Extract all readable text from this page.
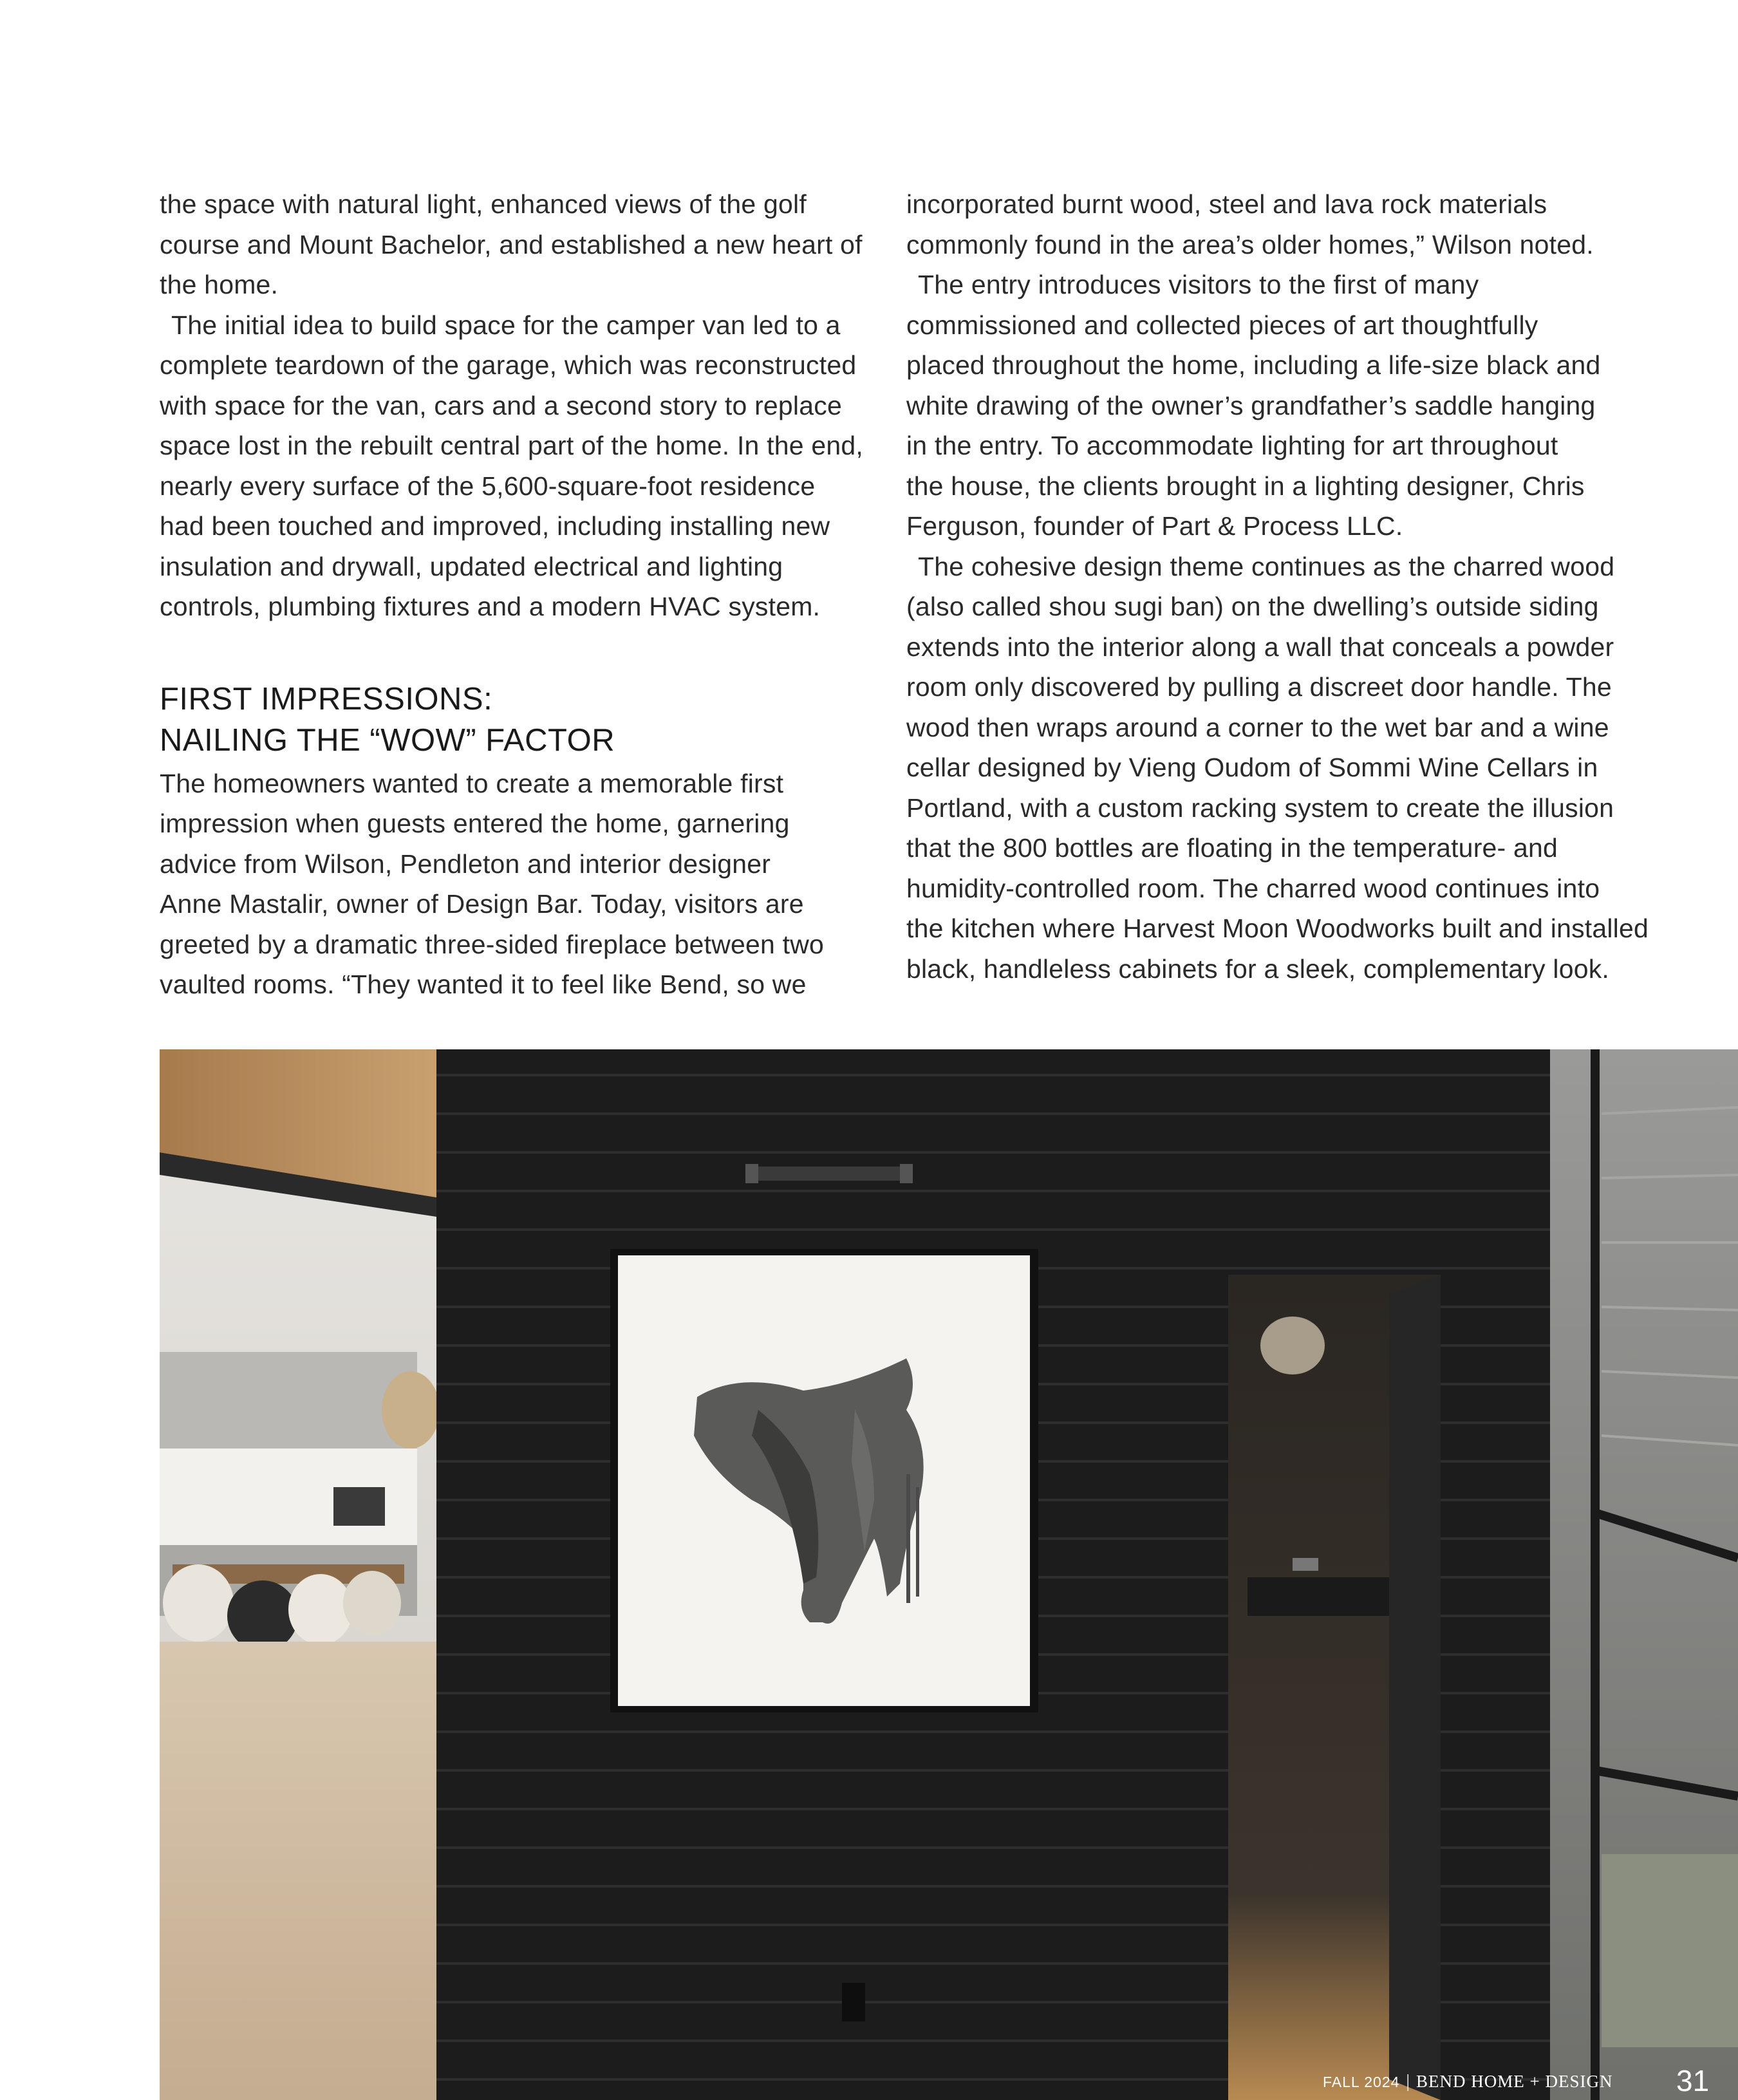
the space with natural light, enhanced views of the golf

course and Mount Bachelor, and established a new heart of

the home.

The initial idea to build space for the camper van led to a

complete teardown of the garage, which was reconstructed

with space for the van, cars and a second story to replace

space lost in the rebuilt central part of the home. In the end,

nearly every surface of the 5,600-square-foot residence

had been touched and improved, including installing new

insulation and drywall, updated electrical and lighting

controls, plumbing fixtures and a modern HVAC system.

FIRST IMPRESSIONS:
NAILING THE “WOW” FACTOR

The homeowners wanted to create a memorable first

impression when guests entered the home, garnering

advice from Wilson, Pendleton and interior designer

Anne Mastalir, owner of Design Bar. Today, visitors are

greeted by a dramatic three-sided fireplace between two

vaulted rooms. “They wanted it to feel like Bend, so we

incorporated burnt wood, steel and lava rock materials

commonly found in the area’s older homes,” Wilson noted.

The entry introduces visitors to the first of many

commissioned and collected pieces of art thoughtfully

placed throughout the home, including a life-size black and

white drawing of the owner’s grandfather’s saddle hanging

in the entry. To accommodate lighting for art throughout

the house, the clients brought in a lighting designer, Chris

Ferguson, founder of Part & Process LLC.

The cohesive design theme continues as the charred wood

(also called shou sugi ban) on the dwelling’s outside siding

extends into the interior along a wall that conceals a powder

room only discovered by pulling a discreet door handle. The

wood then wraps around a corner to the wet bar and a wine

cellar designed by Vieng Oudom of Sommi Wine Cellars in

Portland, with a custom racking system to create the illusion

that the 800 bottles are floating in the temperature- and

humidity-controlled room. The charred wood continues into

the kitchen where Harvest Moon Woodworks built and installed

black, handleless cabinets for a sleek, complementary look.

FALL 2024 | BEND HOME + DESIGN 31
